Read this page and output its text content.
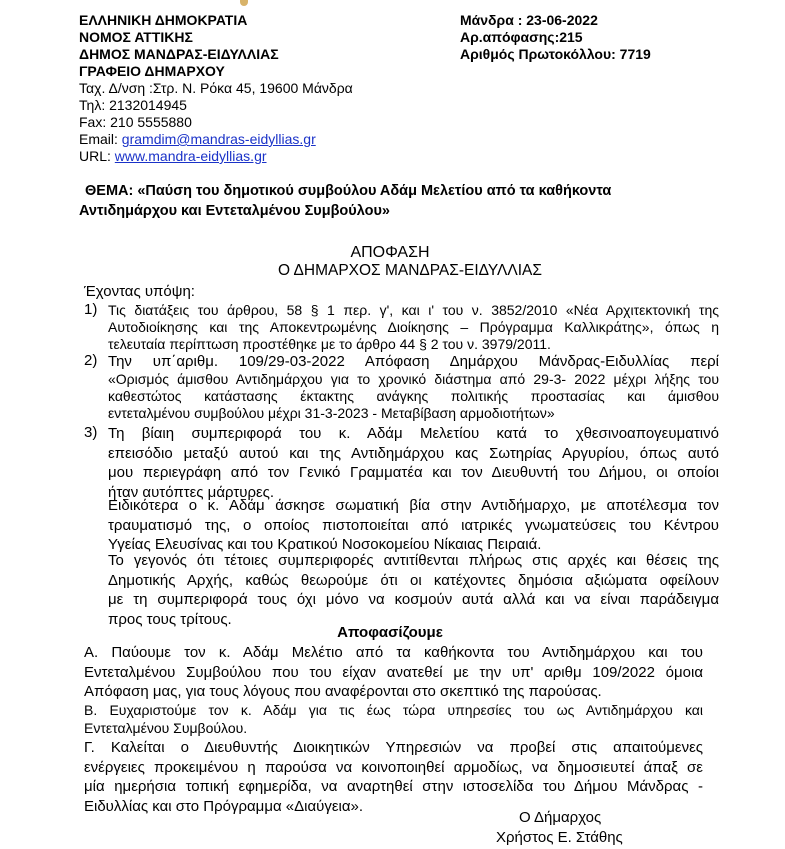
ΕΛΛΗΝΙΚΗ ΔΗΜΟΚΡΑΤΙΑ
ΝΟΜΟΣ ΑΤΤΙΚΗΣ
ΔΗΜΟΣ ΜΑΝΔΡΑΣ-ΕΙΔΥΛΛΙΑΣ
ΓΡΑΦΕΙΟ ΔΗΜΑΡΧΟΥ
Μάνδρα : 23-06-2022
Αρ.απόφασης:215
Αριθμός Πρωτοκόλλου: 7719
Ταχ. Δ/νση :Στρ. Ν. Ρόκα 45, 19600 Μάνδρα
Τηλ: 2132014945
Fax: 210 5555880
Email: gramdim@mandras-eidyllias.gr
URL: www.mandra-eidyllias.gr
ΘΕΜΑ: «Παύση του δημοτικού συμβούλου Αδάμ Μελετίου από τα καθήκοντα
Αντιδημάρχου και Εντεταλμένου Συμβούλου»
ΑΠΟΦΑΣΗ
Ο ΔΗΜΑΡΧΟΣ ΜΑΝΔΡΑΣ-ΕΙΔΥΛΛΙΑΣ
Έχοντας υπόψη:
1) Τις διατάξεις του άρθρου, 58 § 1 περ. γ', και ι' του ν. 3852/2010 «Νέα Αρχιτεκτονική της
Αυτοδιοίκησης και της Αποκεντρωμένης Διοίκησης – Πρόγραμμα Καλλικράτης», όπως η
τελευταία περίπτωση προστέθηκε με το άρθρο 44 § 2 του ν. 3979/2011.
2) Την υπ΄αριθμ. 109/29-03-2022 Απόφαση Δημάρχου Μάνδρας-Ειδυλλίας περί
«Ορισμός άμισθου Αντιδημάρχου για το χρονικό διάστημα από 29-3- 2022 μέχρι λήξης του
καθεστώτος κατάστασης έκτακτης ανάγκης πολιτικής προστασίας και άμισθου
εντεταλμένου συμβούλου μέχρι 31-3-2023 - Μεταβίβαση αρμοδιοτήτων»
3) Τη βίαιη συμπεριφορά του κ. Αδάμ Μελετίου κατά το χθεσινοαπογευματινό
επεισόδιο μεταξύ αυτού και της Αντιδημάρχου κας Σωτηρίας Αργυρίου, όπως αυτό
μου περιεγράφη από τον Γενικό Γραμματέα και τον Διευθυντή του Δήμου, οι οποίοι
ήταν αυτόπτες μάρτυρες.
Ειδικότερα ο κ. Αδάμ άσκησε σωματική βία στην Αντιδήμαρχο, με αποτέλεσμα τον
τραυματισμό της, ο οποίος πιστοποιείται από ιατρικές γνωματεύσεις του Κέντρου
Υγείας Ελευσίνας και του Κρατικού Νοσοκομείου Νίκαιας Πειραιά.
Το γεγονός ότι τέτοιες συμπεριφορές αντιτίθενται πλήρως στις αρχές και θέσεις της
Δημοτικής Αρχής, καθώς θεωρούμε ότι οι κατέχοντες δημόσια αξιώματα οφείλουν
με τη συμπεριφορά τους όχι μόνο να κοσμούν αυτά αλλά και να είναι παράδειγμα
προς τους τρίτους.
Αποφασίζουμε
Α. Παύουμε τον κ. Αδάμ Μελέτιο από τα καθήκοντα του Αντιδημάρχου και του
Εντεταλμένου Συμβούλου που του είχαν ανατεθεί με την υπ' αριθμ 109/2022 όμοια
Απόφαση μας, για τους λόγους που αναφέρονται στο σκεπτικό της παρούσας.
Β. Ευχαριστούμε τον κ. Αδάμ για τις έως τώρα υπηρεσίες του ως Αντιδημάρχου και
Εντεταλμένου Συμβούλου.
Γ. Καλείται ο Διευθυντής Διοικητικών Υπηρεσιών να προβεί στις απαιτούμενες
ενέργειες προκειμένου η παρούσα να κοινοποιηθεί αρμοδίως, να δημοσιευτεί άπαξ σε
μία ημερήσια τοπική εφημερίδα, να αναρτηθεί στην ιστοσελίδα του Δήμου Μάνδρας -
Ειδυλλίας και στο Πρόγραμμα «Διαύγεια».
Ο Δήμαρχος
Χρήστος Ε. Στάθης
